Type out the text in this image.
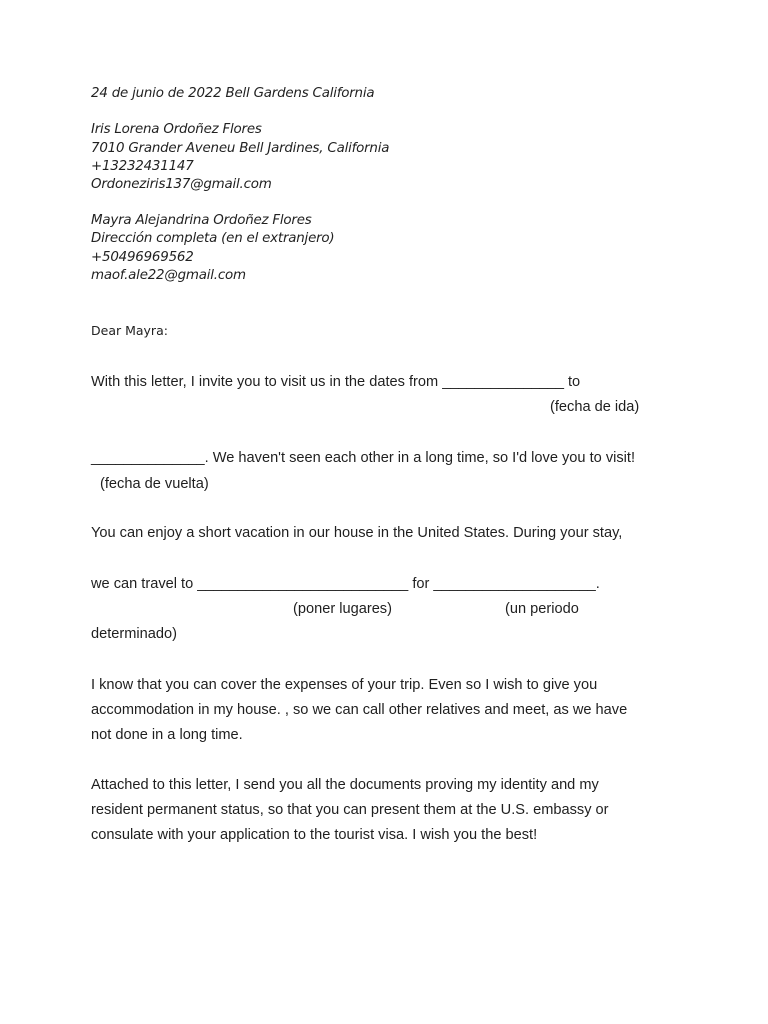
24 de junio de 2022 Bell Gardens California

Iris Lorena Ordoñez Flores

7010 Grander Aveneu Bell Jardines, California

+13232431147

Ordoneziris137@gmail.com

Mayra Alejandrina Ordoñez Flores

Dirección completa (en el extranjero)

+50496969562

maof.ale22@gmail.com

Dear Mayra:

With this letter, I invite you to visit us in the dates from _______________ to

(fecha de ida)

______________. We haven't seen each other in a long time, so I'd love you to visit!

(fecha de vuelta)

You can enjoy a short vacation in our house in the United States. During your stay,

we can travel to __________________________ for ____________________.

(poner lugares)	(un periodo

determinado)

I know that you can cover the expenses of your trip. Even so I wish to give you

accommodation in my house. , so we can call other relatives and meet, as we have

not done in a long time.

Attached to this letter, I send you all the documents proving my identity and my

resident permanent status, so that you can present them at the U.S. embassy or

consulate with your application to the tourist visa. I wish you the best!
